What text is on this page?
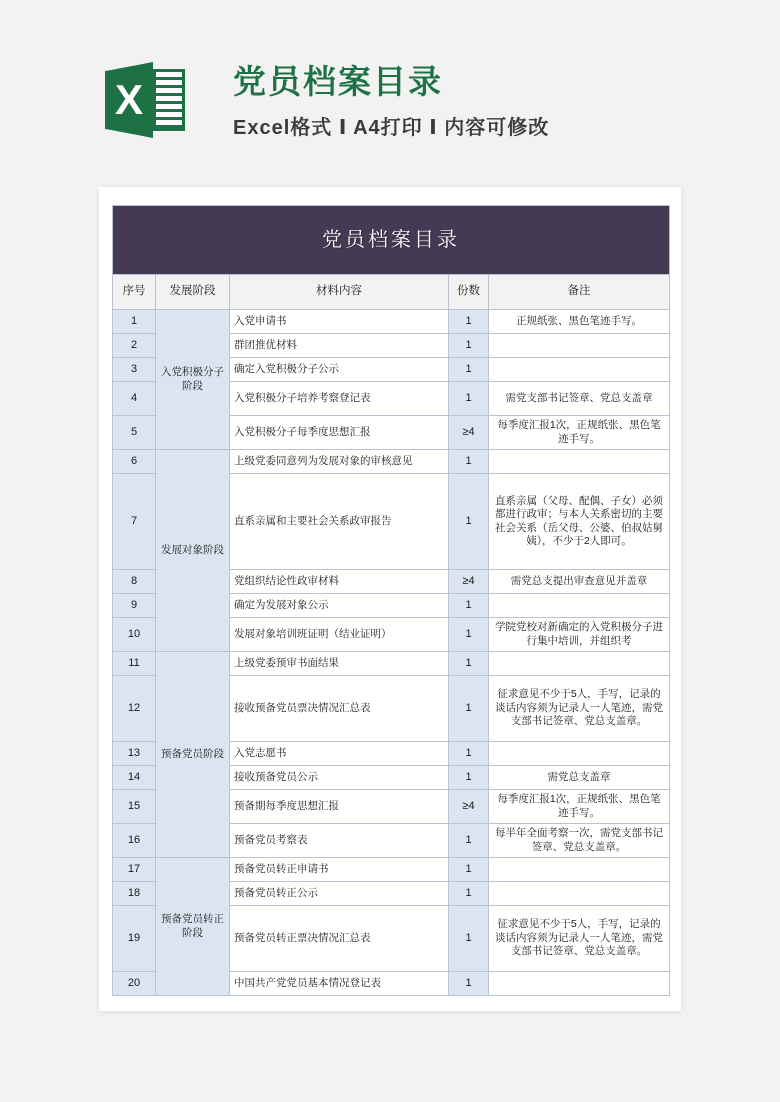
X	党员档案目录
Excel格式 Ⅰ A4打印 Ⅰ 内容可修改
党员档案目录				
序号	发展阶段	材料内容	份数	备注
1	入党积极分子阶段	入党申请书	1	正规纸张、黑色笔迹手写。
2		群团推优材料	1	
3		确定入党积极分子公示	1	
4		入党积极分子培养考察登记表	1	需党支部书记签章、党总支盖章
5		入党积极分子每季度思想汇报	≥4	每季度汇报1次，正规纸张、黑色笔迹手写。
6	发展对象阶段	上级党委同意列为发展对象的审核意见	1	
7		直系亲属和主要社会关系政审报告	1	直系亲属（父母、配偶、子女）必须都进行政审；与本人关系密切的主要社会关系（岳父母、公婆、伯叔姑舅姨），不少于2人即可。
8		党组织结论性政审材料	≥4	需党总支提出审查意见并盖章
9		确定为发展对象公示	1	
10		发展对象培训班证明（结业证明）	1	学院党校对新确定的入党积极分子进行集中培训，并组织考
11	预备党员阶段	上级党委预审书面结果	1	
12		接收预备党员票决情况汇总表	1	征求意见不少于5人，手写，记录的谈话内容须为记录人一人笔迹，需党支部书记签章、党总支盖章。
13		入党志愿书	1	
14		接收预备党员公示	1	需党总支盖章
15		预备期每季度思想汇报	≥4	每季度汇报1次，正规纸张、黑色笔迹手写。
16		预备党员考察表	1	每半年全面考察一次，需党支部书记签章、党总支盖章。
17	预备党员转正阶段	预备党员转正申请书	1	
18		预备党员转正公示	1	
19		预备党员转正票决情况汇总表	1	征求意见不少于5人，手写，记录的谈话内容须为记录人一人笔迹，需党支部书记签章、党总支盖章。
20		中国共产党党员基本情况登记表	1	
